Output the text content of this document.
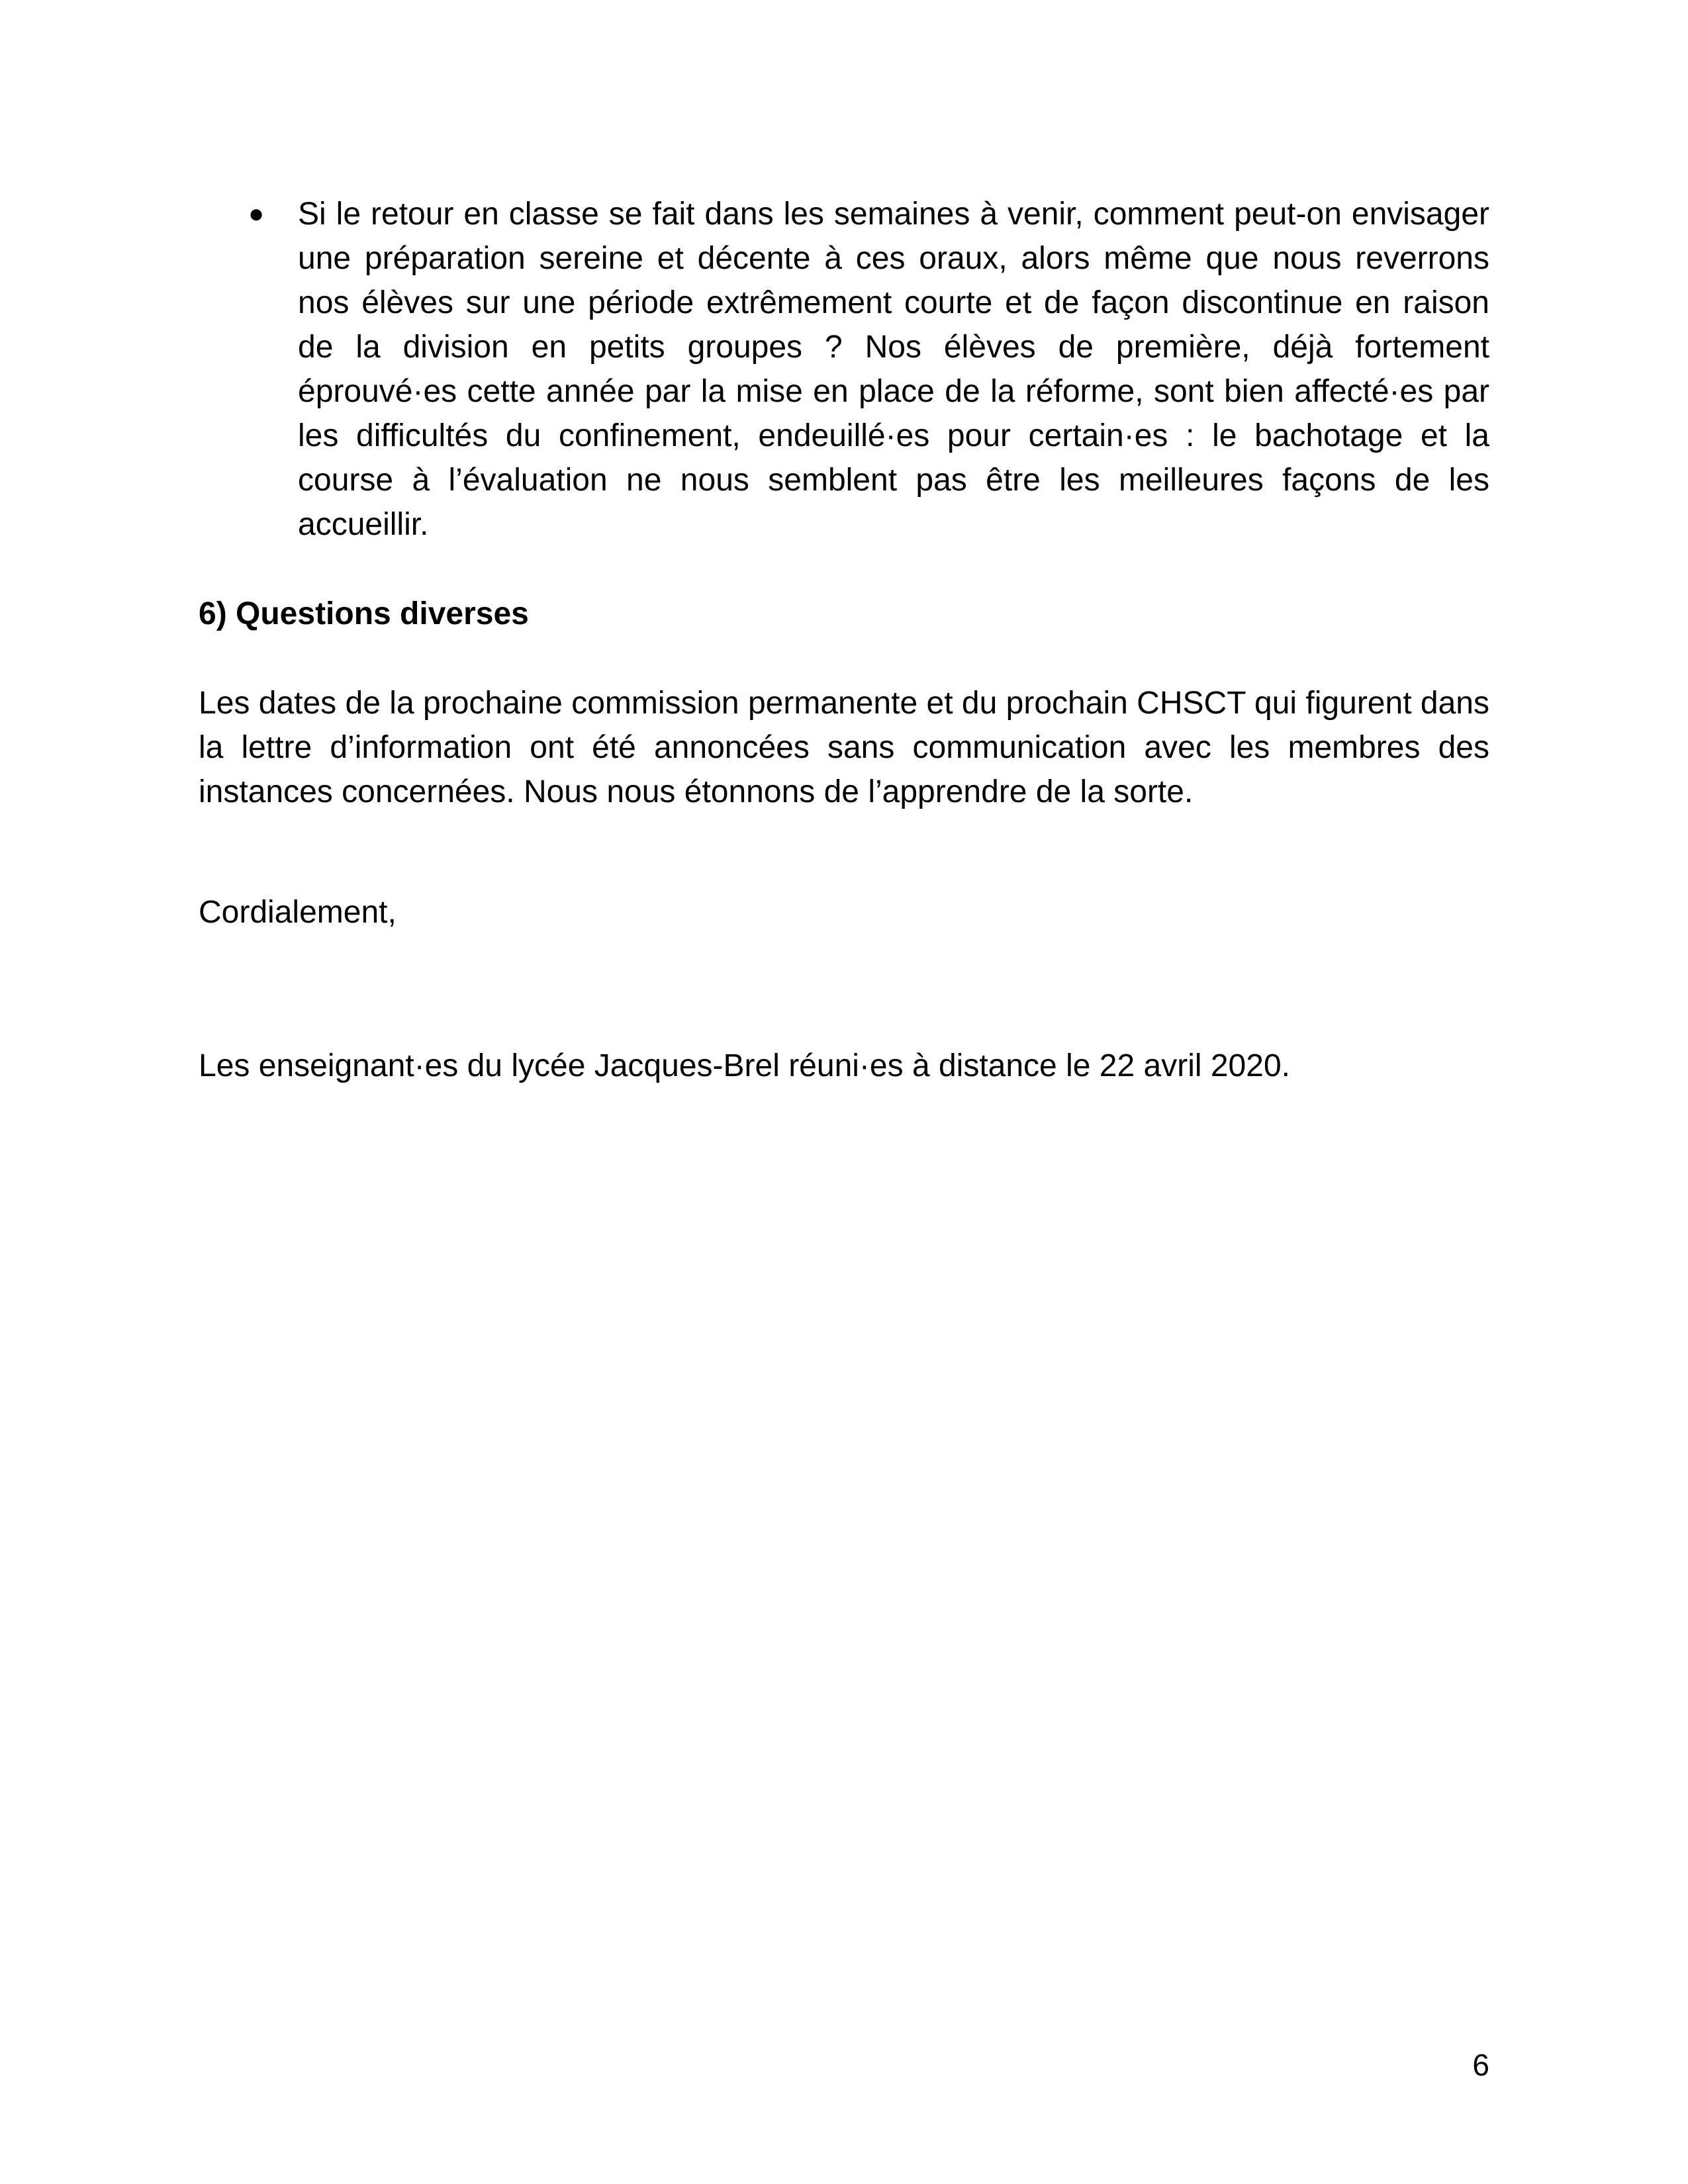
● Si le retour en classe se fait dans les semaines à venir, comment peut-on envisager une préparation sereine et décente à ces oraux, alors même que nous reverrons nos élèves sur une période extrêmement courte et de façon discontinue en raison de la division en petits groupes ? Nos élèves de première, déjà fortement éprouvé·es cette année par la mise en place de la réforme, sont bien affecté·es par les difficultés du confinement, endeuillé·es pour certain·es : le bachotage et la course à l’évaluation ne nous semblent pas être les meilleures façons de les accueillir.

6) Questions diverses

Les dates de la prochaine commission permanente et du prochain CHSCT qui figurent dans la lettre d’information ont été annoncées sans communication avec les membres des instances concernées. Nous nous étonnons de l’apprendre de la sorte.

Cordialement,

Les enseignant·es du lycée Jacques-Brel réuni·es à distance le 22 avril 2020.

6
